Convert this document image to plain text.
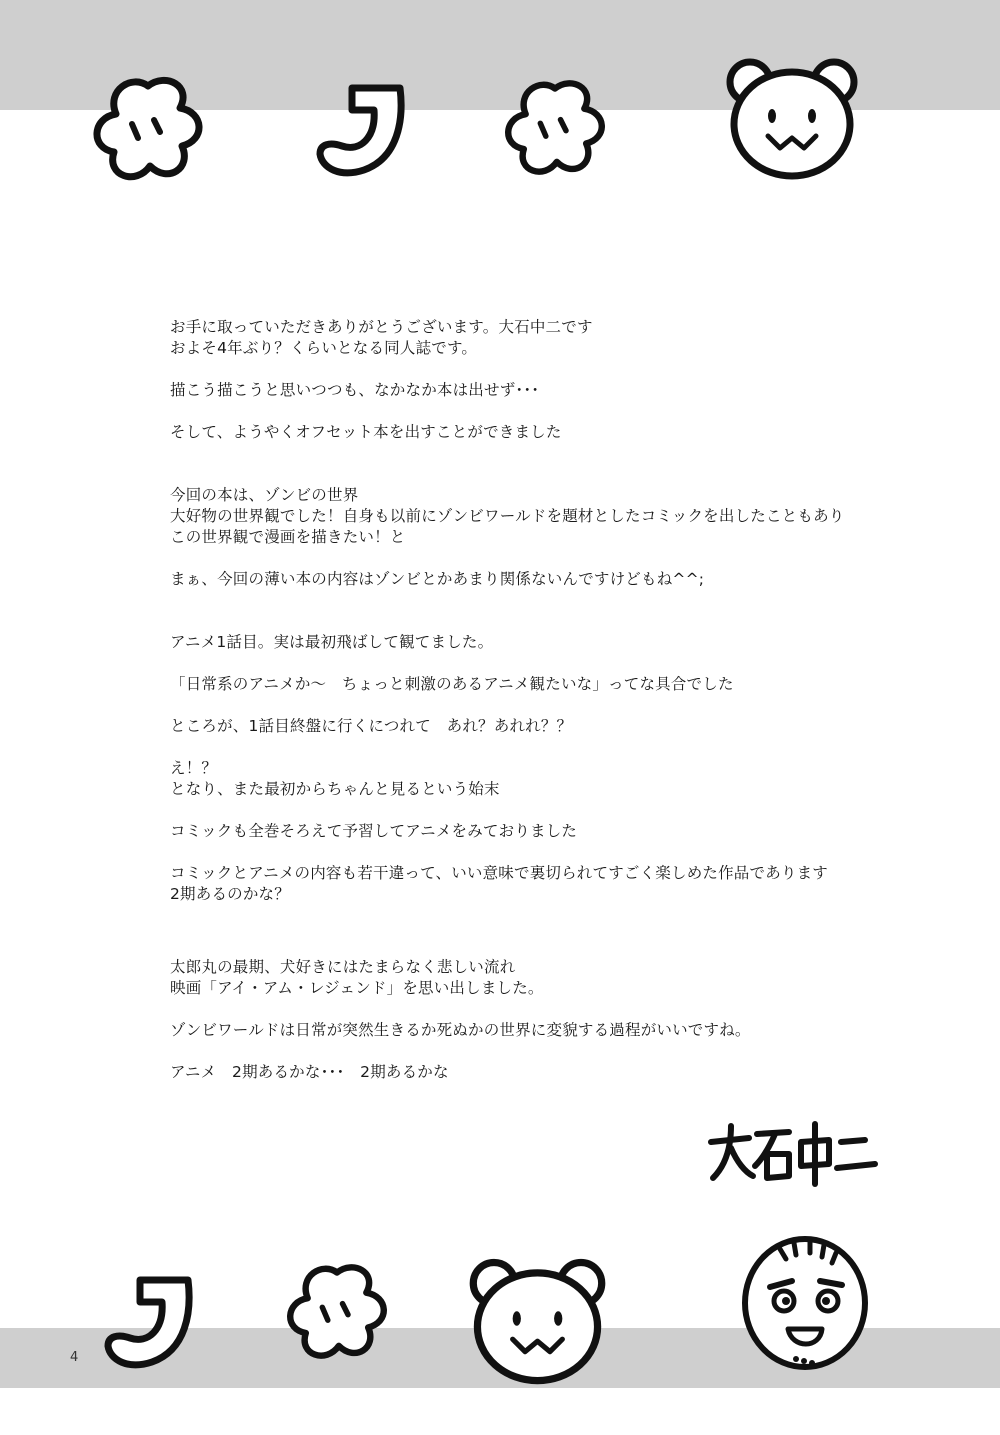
お手に取っていただきありがとうございます。大石中二です
およそ4年ぶり？くらいとなる同人誌です。
描こう描こうと思いつつも、なかなか本は出せず･･･
そして、ようやくオフセット本を出すことができました
今回の本は、ゾンビの世界
大好物の世界観でした！自身も以前にゾンビワールドを題材としたコミックを出したこともあり
この世界観で漫画を描きたい！と
まぁ、今回の薄い本の内容はゾンビとかあまり関係ないんですけどもね^^;
アニメ1話目。実は最初飛ばして観てました。
「日常系のアニメか～　ちょっと刺激のあるアニメ観たいな」ってな具合でした
ところが、1話目終盤に行くにつれて　あれ？あれれ？？
え！？
となり、また最初からちゃんと見るという始末
コミックも全巻そろえて予習してアニメをみておりました
コミックとアニメの内容も若干違って、いい意味で裏切られてすごく楽しめた作品であります
2期あるのかな？
太郎丸の最期、犬好きにはたまらなく悲しい流れ
映画「アイ・アム・レジェンド」を思い出しました。
ゾンビワールドは日常が突然生きるか死ぬかの世界に変貌する過程がいいですね。
アニメ　2期あるかな･･･　2期あるかな
4
